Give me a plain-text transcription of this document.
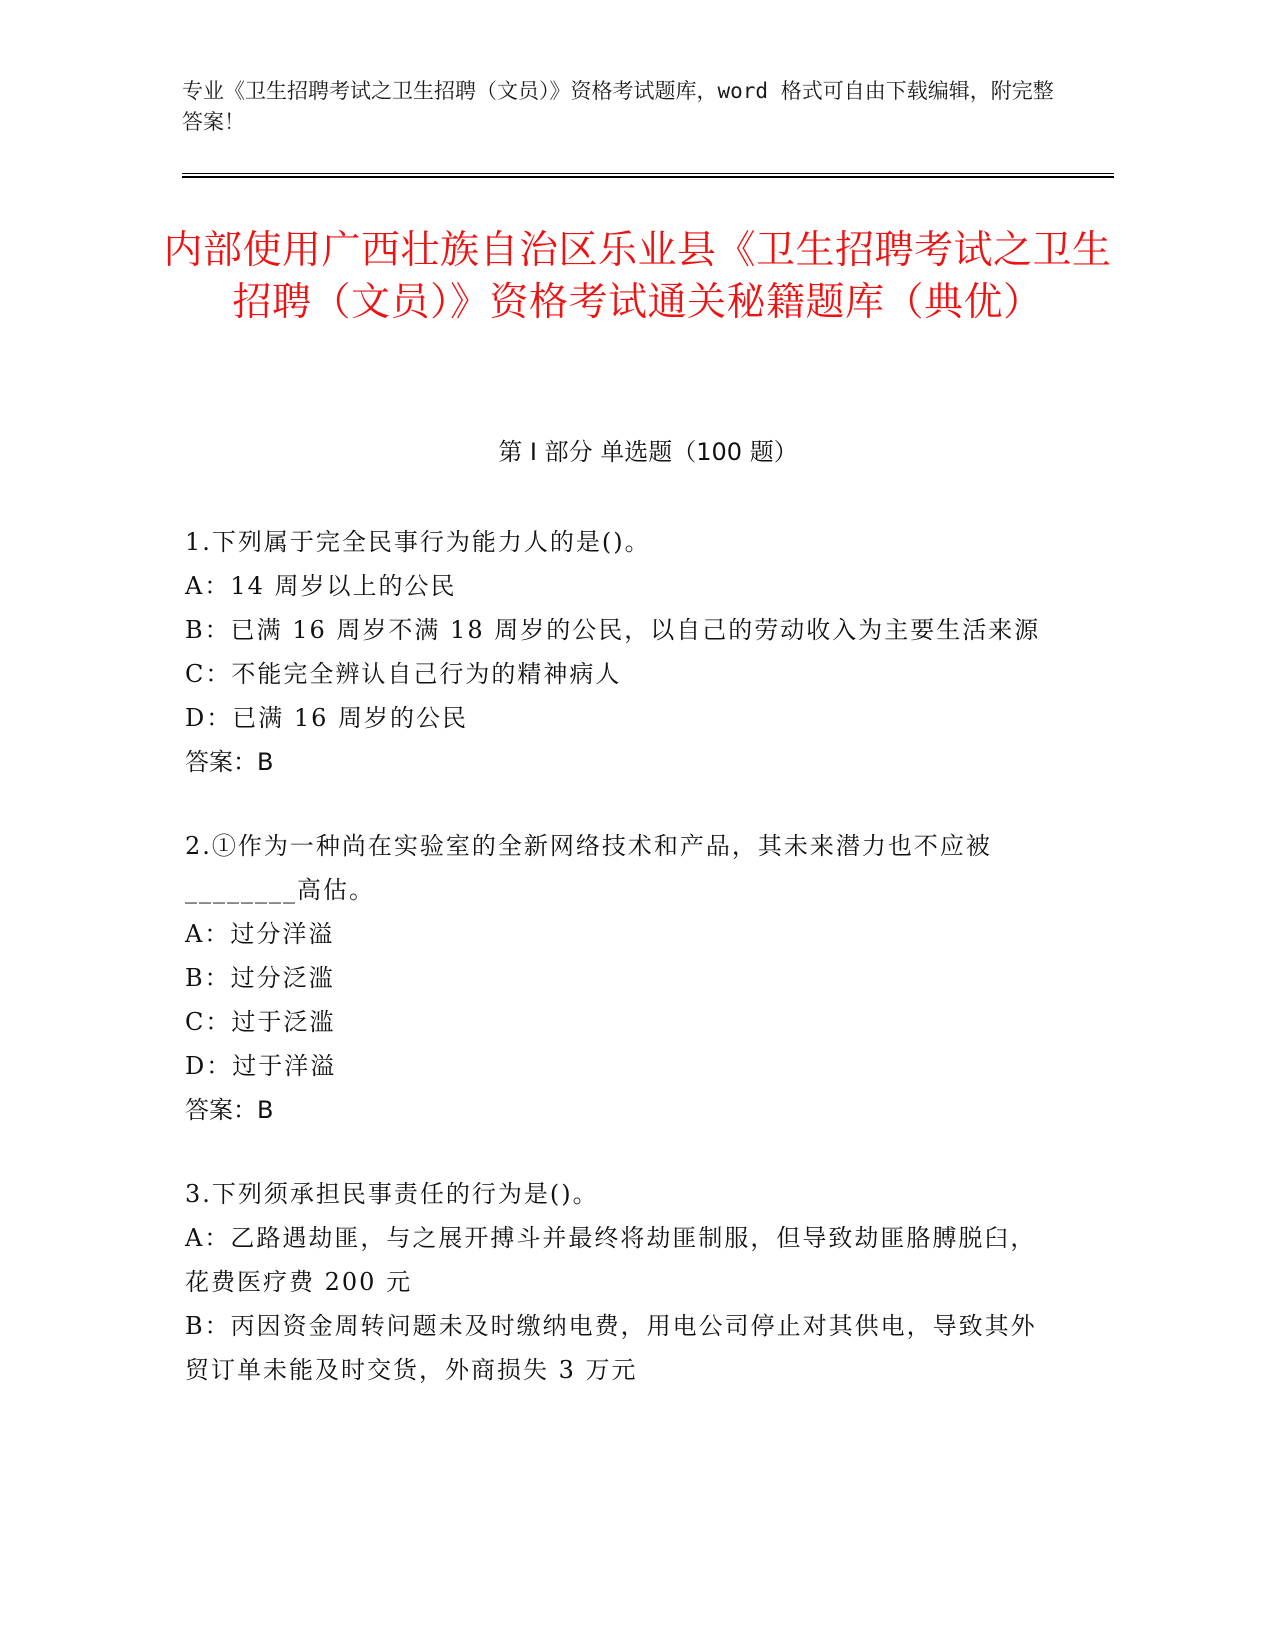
专业《卫生招聘考试之卫生招聘（文员）》资格考试题库，word 格式可自由下载编辑，附完整答案！
内部使用广西壮族自治区乐业县《卫生招聘考试之卫生招聘（文员）》资格考试通关秘籍题库（典优）
第 I 部分 单选题（100 题）

1.下列属于完全民事行为能力人的是()。

A：14 周岁以上的公民

B：已满 16 周岁不满 18 周岁的公民，以自己的劳动收入为主要生活来源

C：不能完全辨认自己行为的精神病人

D：已满 16 周岁的公民

答案：B

2.①作为一种尚在实验室的全新网络技术和产品，其未来潜力也不应被________高估。

A：过分洋溢

B：过分泛滥

C：过于泛滥

D：过于洋溢

答案：B

3.下列须承担民事责任的行为是()。

A：乙路遇劫匪，与之展开搏斗并最终将劫匪制服，但导致劫匪胳膊脱臼，花费医疗费 200 元

B：丙因资金周转问题未及时缴纳电费，用电公司停止对其供电，导致其外贸订单未能及时交货，外商损失 3 万元
